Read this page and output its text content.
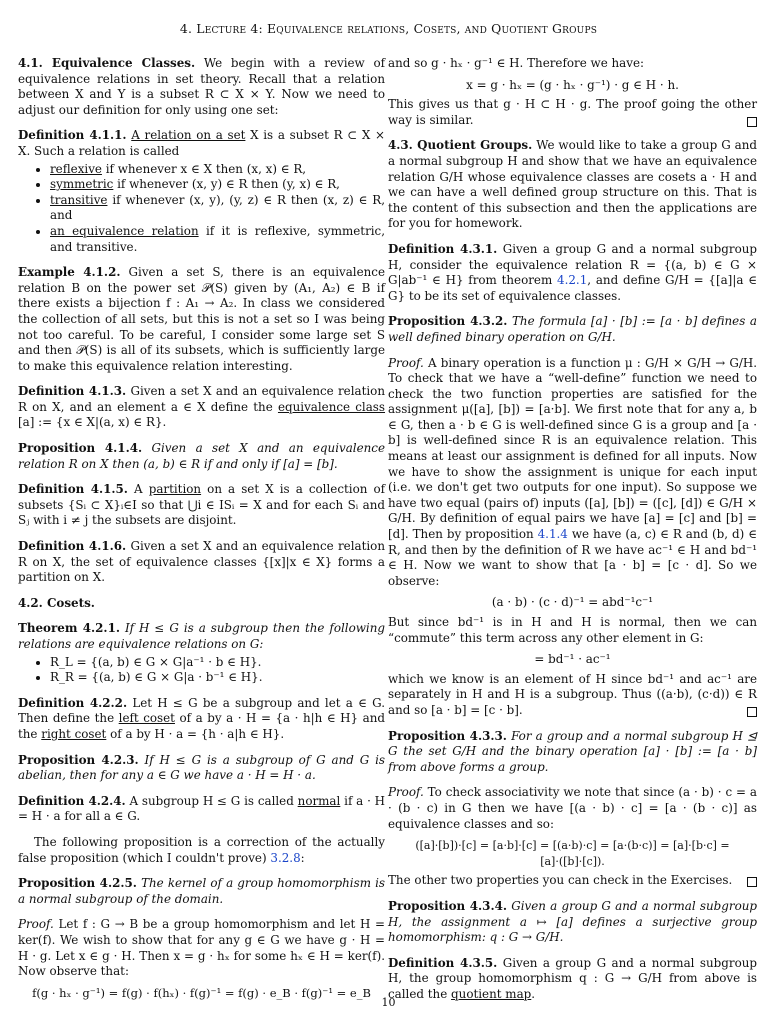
4. Lecture 4: Equivalence relations, Cosets, and Quotient Groups

4.1. Equivalence Classes. We begin with a review of equivalence relations in set theory. Recall that a relation between X and Y is a subset R ⊂ X × Y. Now we need to adjust our definition for only using one set:

Definition 4.1.1. A relation on a set X is a subset R ⊂ X × X. Such a relation is called
• reflexive if whenever x ∈ X then (x, x) ∈ R,
• symmetric if whenever (x, y) ∈ R then (y, x) ∈ R,
• transitive if whenever (x, y), (y, z) ∈ R then (x, z) ∈ R, and
• an equivalence relation if it is reflexive, symmetric, and transitive.

Example 4.1.2. Given a set S, there is an equivalence relation B on the power set 𝒫(S) given by (A₁, A₂) ∈ B if there exists a bijection f : A₁ → A₂. In class we considered the collection of all sets, but this is not a set so I was being not too careful. To be careful, I consider some large set S and then 𝒫(S) is all of its subsets, which is sufficiently large to make this equivalence relation interesting.

Definition 4.1.3. Given a set X and an equivalence relation R on X, and an element a ∈ X define the equivalence class [a] := {x ∈ X|(a, x) ∈ R}.

Proposition 4.1.4. Given a set X and an equivalence relation R on X then (a, b) ∈ R if and only if [a] = [b].

Definition 4.1.5. A partition on a set X is a collection of subsets {Sᵢ ⊂ X}ᵢ∈I so that ⋃i ∈ ISᵢ = X and for each Sᵢ and Sⱼ with i ≠ j the subsets are disjoint.

Definition 4.1.6. Given a set X and an equivalence relation R on X, the set of equivalence classes {[x]|x ∈ X} forms a partition on X.

4.2. Cosets.

Theorem 4.2.1. If H ≤ G is a subgroup then the following relations are equivalence relations on G:
• R_L = {(a, b) ∈ G × G|a⁻¹ · b ∈ H}.
• R_R = {(a, b) ∈ G × G|a · b⁻¹ ∈ H}.

Definition 4.2.2. Let H ≤ G be a subgroup and let a ∈ G. Then define the left coset of a by a · H = {a · h|h ∈ H} and the right coset of a by H · a = {h · a|h ∈ H}.

Proposition 4.2.3. If H ≤ G is a subgroup of G and G is abelian, then for any a ∈ G we have a · H = H · a.

Definition 4.2.4. A subgroup H ≤ G is called normal if a · H = H · a for all a ∈ G.

The following proposition is a correction of the actually false proposition (which I couldn't prove) 3.2.8:

Proposition 4.2.5. The kernel of a group homomorphism is a normal subgroup of the domain.

Proof. Let f : G → B be a group homomorphism and let H = ker(f). We wish to show that for any g ∈ G we have g · H = H · g. Let x ∈ g · H. Then x = g · hₓ for some hₓ ∈ H = ker(f). Now observe that:

f(g · hₓ · g⁻¹) = f(g) · f(hₓ) · f(g)⁻¹ = f(g) · e_B · f(g)⁻¹ = e_B

and so g · hₓ · g⁻¹ ∈ H. Therefore we have:

x = g · hₓ = (g · hₓ · g⁻¹) · g ∈ H · h.

This gives us that g · H ⊂ H · g. The proof going the other way is similar.

4.3. Quotient Groups. We would like to take a group G and a normal subgroup H and show that we have an equivalence relation G/H whose equivalence classes are cosets a · H and we can have a well defined group structure on this. That is the content of this subsection and then the applications are for you for homework.

Definition 4.3.1. Given a group G and a normal subgroup H, consider the equivalence relation R = {(a, b) ∈ G × G|ab⁻¹ ∈ H} from theorem 4.2.1, and define G/H = {[a]|a ∈ G} to be its set of equivalence classes.

Proposition 4.3.2. The formula [a] · [b] := [a · b] defines a well defined binary operation on G/H.

Proof. A binary operation is a function μ : G/H × G/H → G/H. To check that we have a “well-define” function we need to check the two function properties are satisfied for the assignment μ([a], [b]) = [a·b]. We first note that for any a, b ∈ G, then a · b ∈ G is well-defined since G is a group and [a · b] is well-defined since R is an equivalence relation. This means at least our assignment is defined for all inputs. Now we have to show the assignment is unique for each input (i.e. we don't get two outputs for one input). So suppose we have two equal (pairs of) inputs ([a], [b]) = ([c], [d]) ∈ G/H × G/H. By definition of equal pairs we have [a] = [c] and [b] = [d]. Then by proposition 4.1.4 we have (a, c) ∈ R and (b, d) ∈ R, and then by the definition of R we have ac⁻¹ ∈ H and bd⁻¹ ∈ H. Now we want to show that [a · b] = [c · d]. So we observe:

(a · b) · (c · d)⁻¹ = abd⁻¹c⁻¹

But since bd⁻¹ is in H and H is normal, then we can “commute” this term across any other element in G:

= bd⁻¹ · ac⁻¹

which we know is an element of H since bd⁻¹ and ac⁻¹ are separately in H and H is a subgroup. Thus ((a·b), (c·d)) ∈ R and so [a · b] = [c · b].

Proposition 4.3.3. For a group and a normal subgroup H ⊴ G the set G/H and the binary operation [a] · [b] := [a · b] from above forms a group.

Proof. To check associativity we note that since (a · b) · c = a · (b · c) in G then we have [(a · b) · c] = [a · (b · c)] as equivalence classes and so:

([a]·[b])·[c] = [a·b]·[c] = [(a·b)·c] = [a·(b·c)] = [a]·[b·c] = [a]·([b]·[c]).

The other two properties you can check in the Exercises.

Proposition 4.3.4. Given a group G and a normal subgroup H, the assignment a ↦ [a] defines a surjective group homomorphism: q : G → G/H.

Definition 4.3.5. Given a group G and a normal subgroup H, the group homomorphism q : G → G/H from above is called the quotient map.

10
